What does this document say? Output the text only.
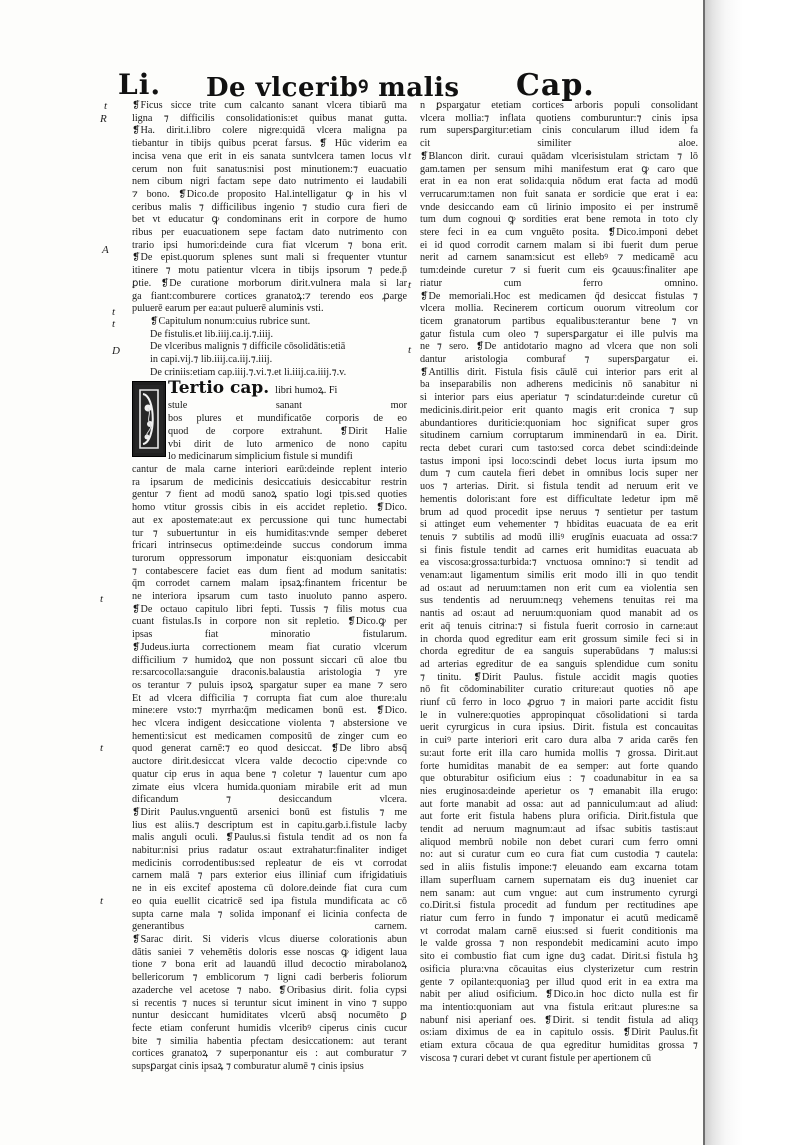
Li. De vlceribꝰ malis Cap.
t
R
A
t
t
D
t
t
t
t
t
t
❡Ficus sicce trite cum calcanto sanant vlcera tibiarū ma
ligna ⁊ difficilis consolidationis:et quibus manat gutta.
❡Ha. dirit.i.libro colere nigre:quidā vlcera maligna pa
tiebantur in tibijs quibus pcerat farsus. ❡ Hūc viderim ea
incisa vena que erit in eis sanata suntvlcera tamen locus vl
cerum non fuit sanatus:nisi post minutionem:⁊ euacuatio
nem cibum nigri factam sepe dato nutrimento ei laudabili
⁊ bono. ❡Dico.de proposito Hal.intelligatur ꝙ in his vl
ceribus malis ⁊ difficilibus ingenio ⁊ studio cura fieri de
bet vt educatur ꝙ condominans erit in corpore de humo
ribus per euacuationem sepe factam dato nutrimento con
trario ipsi humori:deinde cura fiat vlcerum ⁊ bona erit.
❡De epist.quorum splenes sunt mali si frequenter vtuntur
itinere ⁊ motu patientur vlcera in tibijs ipsorum ⁊ pede.p̄
ꝑtie. ❡De curatione morborum dirit.vulnera mala si lar
ga fiant:comburere cortices granatoꝝ:⁊ terendo eos ꝓarge
puluerē earum per ea:aut puluerē aluminis vsti.
❡Capitulum nonum:cuius rubrice sunt.
De fistulis.et lib.iiij.ca.ij.⁊.iiij.
De vlceribus malignis ⁊ difficile cōsolidātis:etiā
in capi.vij.⁊ lib.iiij.ca.iij.⁊.iiij.
De criniis:etiam cap.iiij.⁊.vi.⁊.et li.iiij.ca.iiij.⁊.v.
Tertio cap. libri humoꝝ. Fi
stule sanant mor
bos plures et mundificatōe corporis de eo
quod de corpore extrahunt. ❡Dirit Halie
vbi dirit de luto armenico de nono capitu
lo medicinarum simplicium fistule si mundifi
cantur de mala carne interiori earū:deinde replent interio
ra ipsarum de medicinis desiccatiuis desiccabitur restrin
gentur ⁊ fient ad modū sanoꝝ spatio logi tpis.sed quoties
homo vtitur grossis cibis in eis accidet repletio. ❡Dico.
aut ex apostemate:aut ex percussione qui tunc humectabi
tur ⁊ subuertuntur in eis humiditas:vnde semper deberet
fricari intrinsecus optime:deinde succus condorum imma
turorum oppressorum imponatur eis:quoniam desiccabit
⁊ contabescere faciet eas dum fient ad modum sanitatis:
q̄m corrodet carnem malam ipsaꝝ:finantem fricentur be
ne interiora ipsarum cum tasto inuoluto panno aspero.
❡De octauo capitulo libri fepti. Tussis ⁊ filis motus cua
cuant fistulas.Is in corpore non sit repletio. ❡Dico.ꝙ per
ipsas fiat minoratio fistularum.
❡Judeus.iurta correctionem meam fiat curatio vlcerum
difficilium ⁊ humidoꝝ que non possunt siccari cū aloe tbu
re:sarcocolla:sanguie draconis.balaustia aristologia ⁊ yre
os terantur ⁊ puluis ipsoꝝ spargatur super ea mane ⁊ sero
Et ad vlcera difficilia ⁊ corrupta fiat cum aloe thure:alu
mine:ere vsto:⁊ myrrha:q̄m medicamen bonū est. ❡Dico.
hec vlcera indigent desiccatione violenta ⁊ abstersione ve
hementi:sicut est medicamen compositū de zinger cum eo
quod generat carnē:⁊ eo quod desiccat. ❡De libro absq̄
auctore dirit.desiccat vlcera valde decoctio cipe:vnde co
quatur cip erus in aqua bene ⁊ coletur ⁊ lauentur cum apo
zimate eius vlcera humida.quoniam mirabile erit ad mun
dificandum ⁊ desiccandum vlcera.
❡Dirit Paulus.vnguentū arsenici bonū est fistulis ⁊ me
lius est aliis.⁊ descriptum est in capitu.garb.i.fistule lacby
malis anguli oculi. ❡Paulus.si fistula tendit ad os non fa
nabitur:nisi prius radatur os:aut extrahatur:finaliter indiget
medicinis corrodentibus:sed repleatur de eis vt corrodat
carnem malā ⁊ pars exterior eius illiniaf cum ifrigidatiuis
ne in eis excitef apostema cū dolore.deinde fiat cura cum
eo quia euellit cicatricē sed ipa fistula mundificata ac cō
supta carne mala ⁊ solida imponanf ei licinia confecta de
generantibus carnem.
❡Sarac dirit. Si videris vlcus diuerse colorationis abun
dātis saniei ⁊ vehemētis doloris esse noscas ꝙ idigent laua
tione ⁊ bona erit ad lauandū illud decoctio mirabolanoꝝ
bellericorum ⁊ emblicorum ⁊ ligni cadi berberis foliorum
azaderche vel acetose ⁊ nabo. ❡Oribasius dirit. folia cypsi
si recentis ⁊ nuces si teruntur sicut iminent in vino ⁊ suppo
nuntur desiccant humiditates vlcerū absq̄ nocumēto ꝑ
fecte etiam conferunt humidis vlceribꝰ ciperus cinis cucur
bite ⁊ similia habentia pfectam desiccationem: aut terant
cortices granatoꝝ ⁊ superponantur eis : aut comburatur ⁊
supsꝑargat cinis ipsaꝝ ⁊ comburatur alumē ⁊ cinis ipsius
n ꝑspargatur etetiam cortices arboris populi consolidant
vlcera mollia:⁊ inflata quotiens comburuntur:⁊ cinis ipsa
rum supersꝑargitur:etiam cinis concularum illud idem fa
cit similiter aloe.
❡Blancon dirit. curaui quādam vlcerisistulam strictam ⁊ lō
gam.tamen per sensum mihi manifestum erat ꝙ caro que
erat in ea non erat solida:quia nōdum erat facta ad modū
verrucarum:tamen non fuit sanata er sordicie que erat i ea:
vnde desiccando eam cū lirinio imposito ei per instrumē
tum dum cognoui ꝙ sordities erat bene remota in toto cly
stere feci in ea cum vnguēto posita. ❡Dico.imponi debet
ei id quod corrodit carnem malam si ibi fuerit dum perue
nerit ad carnem sanam:sicut est ellebꝰ ⁊ medicamē acu
tum:deinde curetur ⁊ si fuerit cum eis ꝯcauus:finaliter ape
riatur cum ferro omnino.
❡De memoriali.Hoc est medicamen q̄d desiccat fistulas ⁊
vlcera mollia. Recinerem corticum ouorum vitreolum cor
ticem granatorum partibus equalibus:terantur bene ⁊ vn
gatur fistula cum oleo ⁊ supersꝑargatur ei ille pulvis ma
ne ⁊ sero. ❡De antidotario magno ad vlcera que non soli
dantur aristologia comburaf ⁊ supersꝑargatur ei.
❡Antillis dirit. Fistula fisis cāulē cui interior pars erit al
ba inseparabilis non adherens medicinis nō sanabitur ni
si interior pars eius aperiatur ⁊ scindatur:deinde curetur cū
medicinis.dirit.peior erit quanto magis erit cronica ⁊ sup
abundantiores duriticie:quoniam hoc significat super gros
situdinem carnium corruptarum imminendarū in ea. Dirit.
recta debet curari cum tasto:sed corca debet scindi:deinde
tastus imponi ipsi loco:scindi debet locus iurta ipsum mo
dum ⁊ cum cautela fieri debet in omnibus locis super ner
uos ⁊ arterias. Dirit. si fistula tendit ad neruum erit ve
hementis doloris:ant fore est difficultate ledetur ipm mē
brum ad quod procedit ipse neruus ⁊ sentietur per tastum
si attinget eum vehementer ⁊ h̄biditas euacuata de ea erit
tenuis ⁊ subtilis ad modū illiꝰ erugīnis euacuata ad ossa:⁊
si finis fistule tendit ad carnes erit humiditas euacuata ab
ea viscosa:grossa:turbida:⁊ vnctuosa omnino:⁊ si tendit ad
venam:aut ligamentum similis erit modo illi in quo tendit
ad os:aut ad neruum:tamen non erit cum ea violentia sen
sus tendentis ad neruum:neqȝ vehemens tenuitas rei ma
nantis ad os:aut ad neruum:quoniam quod manabit ad os
erit aq̄ tenuis citrina:⁊ si fistula fuerit corrosio in carne:aut
in chorda quod egreditur eam erit grossum simile feci si in
chorda egreditur de ea sanguis superabūdans ⁊ malus:si
ad arterias egreditur de ea sanguis splendidue cum sonitu
⁊ tinitu. ❡Dirit Paulus. fistule accidit magis quoties
nō fit cōdominabiliter curatio criture:aut quoties nō ape
riunf cū ferro in loco ꝓgruo ⁊ in maiori parte accidit fistu
le in vulnere:quoties appropinquat cōsolidationi si tarda
uerit cyrurgicus in cura ipsius. Dirit. fistula est concauitas
in cuiꝰ parte interiori erit caro dura alba ⁊ arida carēs fen
su:aut forte erit illa caro humida mollis ⁊ grossa. Dirit.aut
forte humiditas manabit de ea semper: aut forte quando
que obturabitur osificium eius : ⁊ coadunabitur in ea sa
nies eruginosa:deinde aperietur os ⁊ emanabit illa erugo:
aut forte manabit ad ossa: aut ad panniculum:aut ad aliud:
aut forte erit fistula habens plura orificia. Dirit.fistula que
tendit ad neruum magnum:aut ad ifsac subitis tastis:aut
aliquod membrū nobile non debet curari cum ferro omni
no: aut si curatur cum eo cura fiat cum custodia ⁊ cautela:
sed in aliis fistulis impone:⁊ eleuando eam excarna totam
illam superfluam carnem supernatam eis duꝫ inueniet car
nem sanam: aut cum vngue: aut cum instrumento cyrurgi
co.Dirit.si fistula procedit ad fundum per rectitudines ape
riatur cum ferro in fundo ⁊ imponatur ei acutū medicamē
vt corrodat malam carnē eius:sed si fuerit conditionis ma
le valde grossa ⁊ non respondebit medicamini acuto impo
sito ei combustio fiat cum igne duꝫ cadat. Dirit.si fistula hꝫ
osificia plura:vna cōcauitas eius clysterizetur cum restrin
gente ⁊ opilante:quoniaꝫ per illud quod erit in ea extra ma
nabit per aliud osificium. ❡Dico.in hoc dicto nulla est fir
ma intentio:quoniam aut vna fistula erit:aut plures:ne sa
nabunf nisi aperianf oes. ❡Dirit. si tendit fistula ad aliqȝ
os:iam diximus de ea in capitulo ossis. ❡Dirit Paulus.fit
etiam extura cōcaua de qua egreditur humiditas grossa ⁊
viscosa ⁊ curari debet vt curant fistule per apertionem cū
